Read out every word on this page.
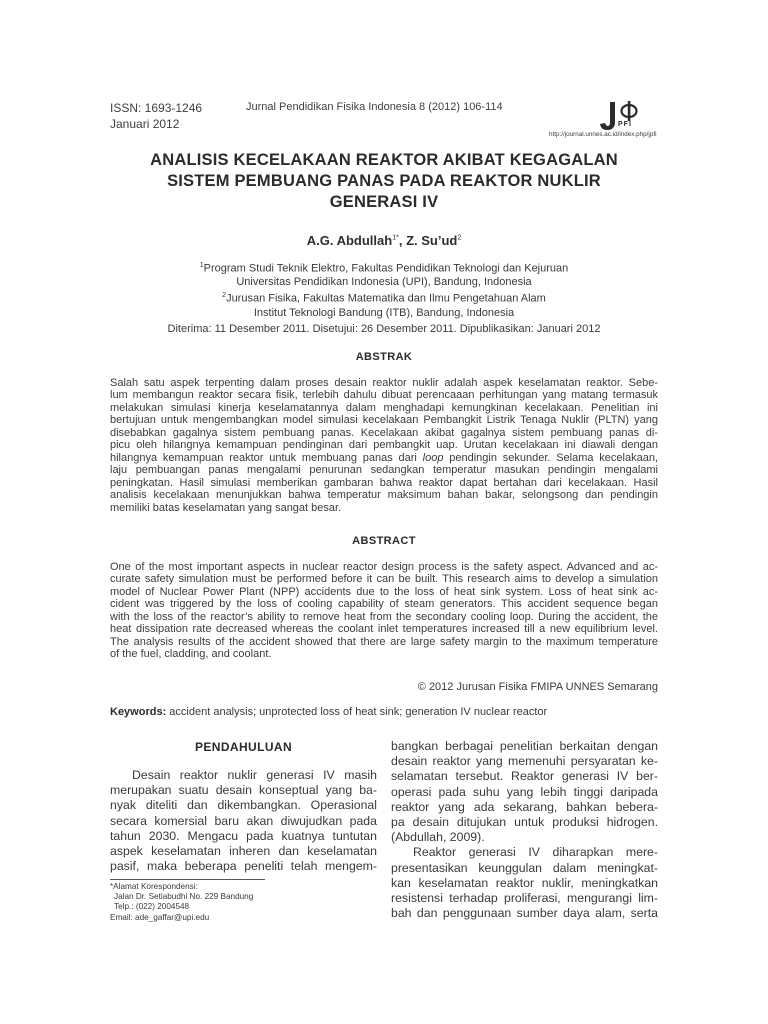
ISSN: 1693-1246
Januari 2012
Jurnal Pendidikan Fisika Indonesia 8 (2012) 106-114
PFI
http://journal.unnes.ac.id/index.php/jpfi
ANALISIS KECELAKAAN REAKTOR AKIBAT KEGAGALAN
SISTEM PEMBUANG PANAS PADA REAKTOR NUKLIR
GENERASI IV
A.G. Abdullah$^{1*}$, Z. $Su’ud^2$
$^1$Program Studi Teknik Elektro, Fakultas Pendidikan Teknologi dan Kejuruan
Universitas Pendidikan Indonesia (UPI), Bandung, Indonesia
$^2$Jurusan Fisika, Fakultas Matematika dan Ilmu Pengetahuan Alam
Institut Teknologi Bandung (ITB), Bandung, Indonesia
Diterima: 11 Desember 2011. Disetujui: 26 Desember 2011. Dipublikasikan: Januari 2012
ABSTRAK
Salah satu aspek terpenting dalam proses desain reaktor nuklir adalah aspek keselamatan reaktor. Sebe-
lum membangun reaktor secara fisik, terlebih dahulu dibuat perencaaan perhitungan yang matang termasuk
melakukan simulasi kinerja keselamatannya dalam menghadapi kemungkinan kecelakaan. Penelitian ini
bertujuan untuk mengembangkan model simulasi kecelakaan Pembangkit Listrik Tenaga Nuklir (PLTN) yang
disebabkan gagalnya sistem pembuang panas. Kecelakaan akibat gagalnya sistem pembuang panas di-
picu oleh hilangnya kemampuan pendinginan dari pembangkit uap. Urutan kecelakaan ini diawali dengan
hilangnya kemampuan reaktor untuk membuang panas dari loop pendingin sekunder. Selama kecelakaan,
laju pembuangan panas mengalami penurunan sedangkan temperatur masukan pendingin mengalami
peningkatan. Hasil simulasi memberikan gambaran bahwa reaktor dapat bertahan dari kecelakaan. Hasil
analisis kecelakaan menunjukkan bahwa temperatur maksimum bahan bakar, selongsong dan pendingin
memiliki batas keselamatan yang sangat besar.
ABSTRACT
One of the most important aspects in nuclear reactor design process is the safety aspect. Advanced and ac-
curate safety simulation must be performed before it can be built. This research aims to develop a simulation
model of Nuclear Power Plant (NPP) accidents due to the loss of heat sink system. Loss of heat sink ac-
cident was triggered by the loss of cooling capability of steam generators. This accident sequence began
with the loss of the reactor’s ability to remove heat from the secondary cooling loop. During the accident, the
heat dissipation rate decreased whereas the coolant inlet temperatures increased till a new equilibrium level.
The analysis results of the accident showed that there are large safety margin to the maximum temperature
of the fuel, cladding, and coolant.
© 2012 Jurusan Fisika FMIPA UNNES Semarang
Keywords: accident analysis; unprotected loss of heat sink; generation IV nuclear reactor
PENDAHULUAN
Desain reaktor nuklir generasi IV masih
merupakan suatu desain konseptual yang ba-
nyak diteliti dan dikembangkan. Operasional
secara komersial baru akan diwujudkan pada
tahun 2030. Mengacu pada kuatnya tuntutan
aspek keselamatan inheren dan keselamatan
pasif, maka beberapa peneliti telah mengem-
bangkan berbagai penelitian berkaitan dengan
desain reaktor yang memenuhi persyaratan ke-
selamatan tersebut. Reaktor generasi IV ber-
operasi pada suhu yang lebih tinggi daripada
reaktor yang ada sekarang, bahkan bebera-
pa desain ditujukan untuk produksi hidrogen.
(Abdullah, 2009).
Reaktor generasi IV diharapkan mere-
presentasikan keunggulan dalam meningkat-
kan keselamatan reaktor nuklir, meningkatkan
resistensi terhadap proliferasi, mengurangi lim-
bah dan penggunaan sumber daya alam, serta
*Alamat Korespondensi:
Jalan Dr. Setiabudhi No. 229 Bandung
Telp.: (022) 2004548
Email: ade_gaffar@upi.edu
